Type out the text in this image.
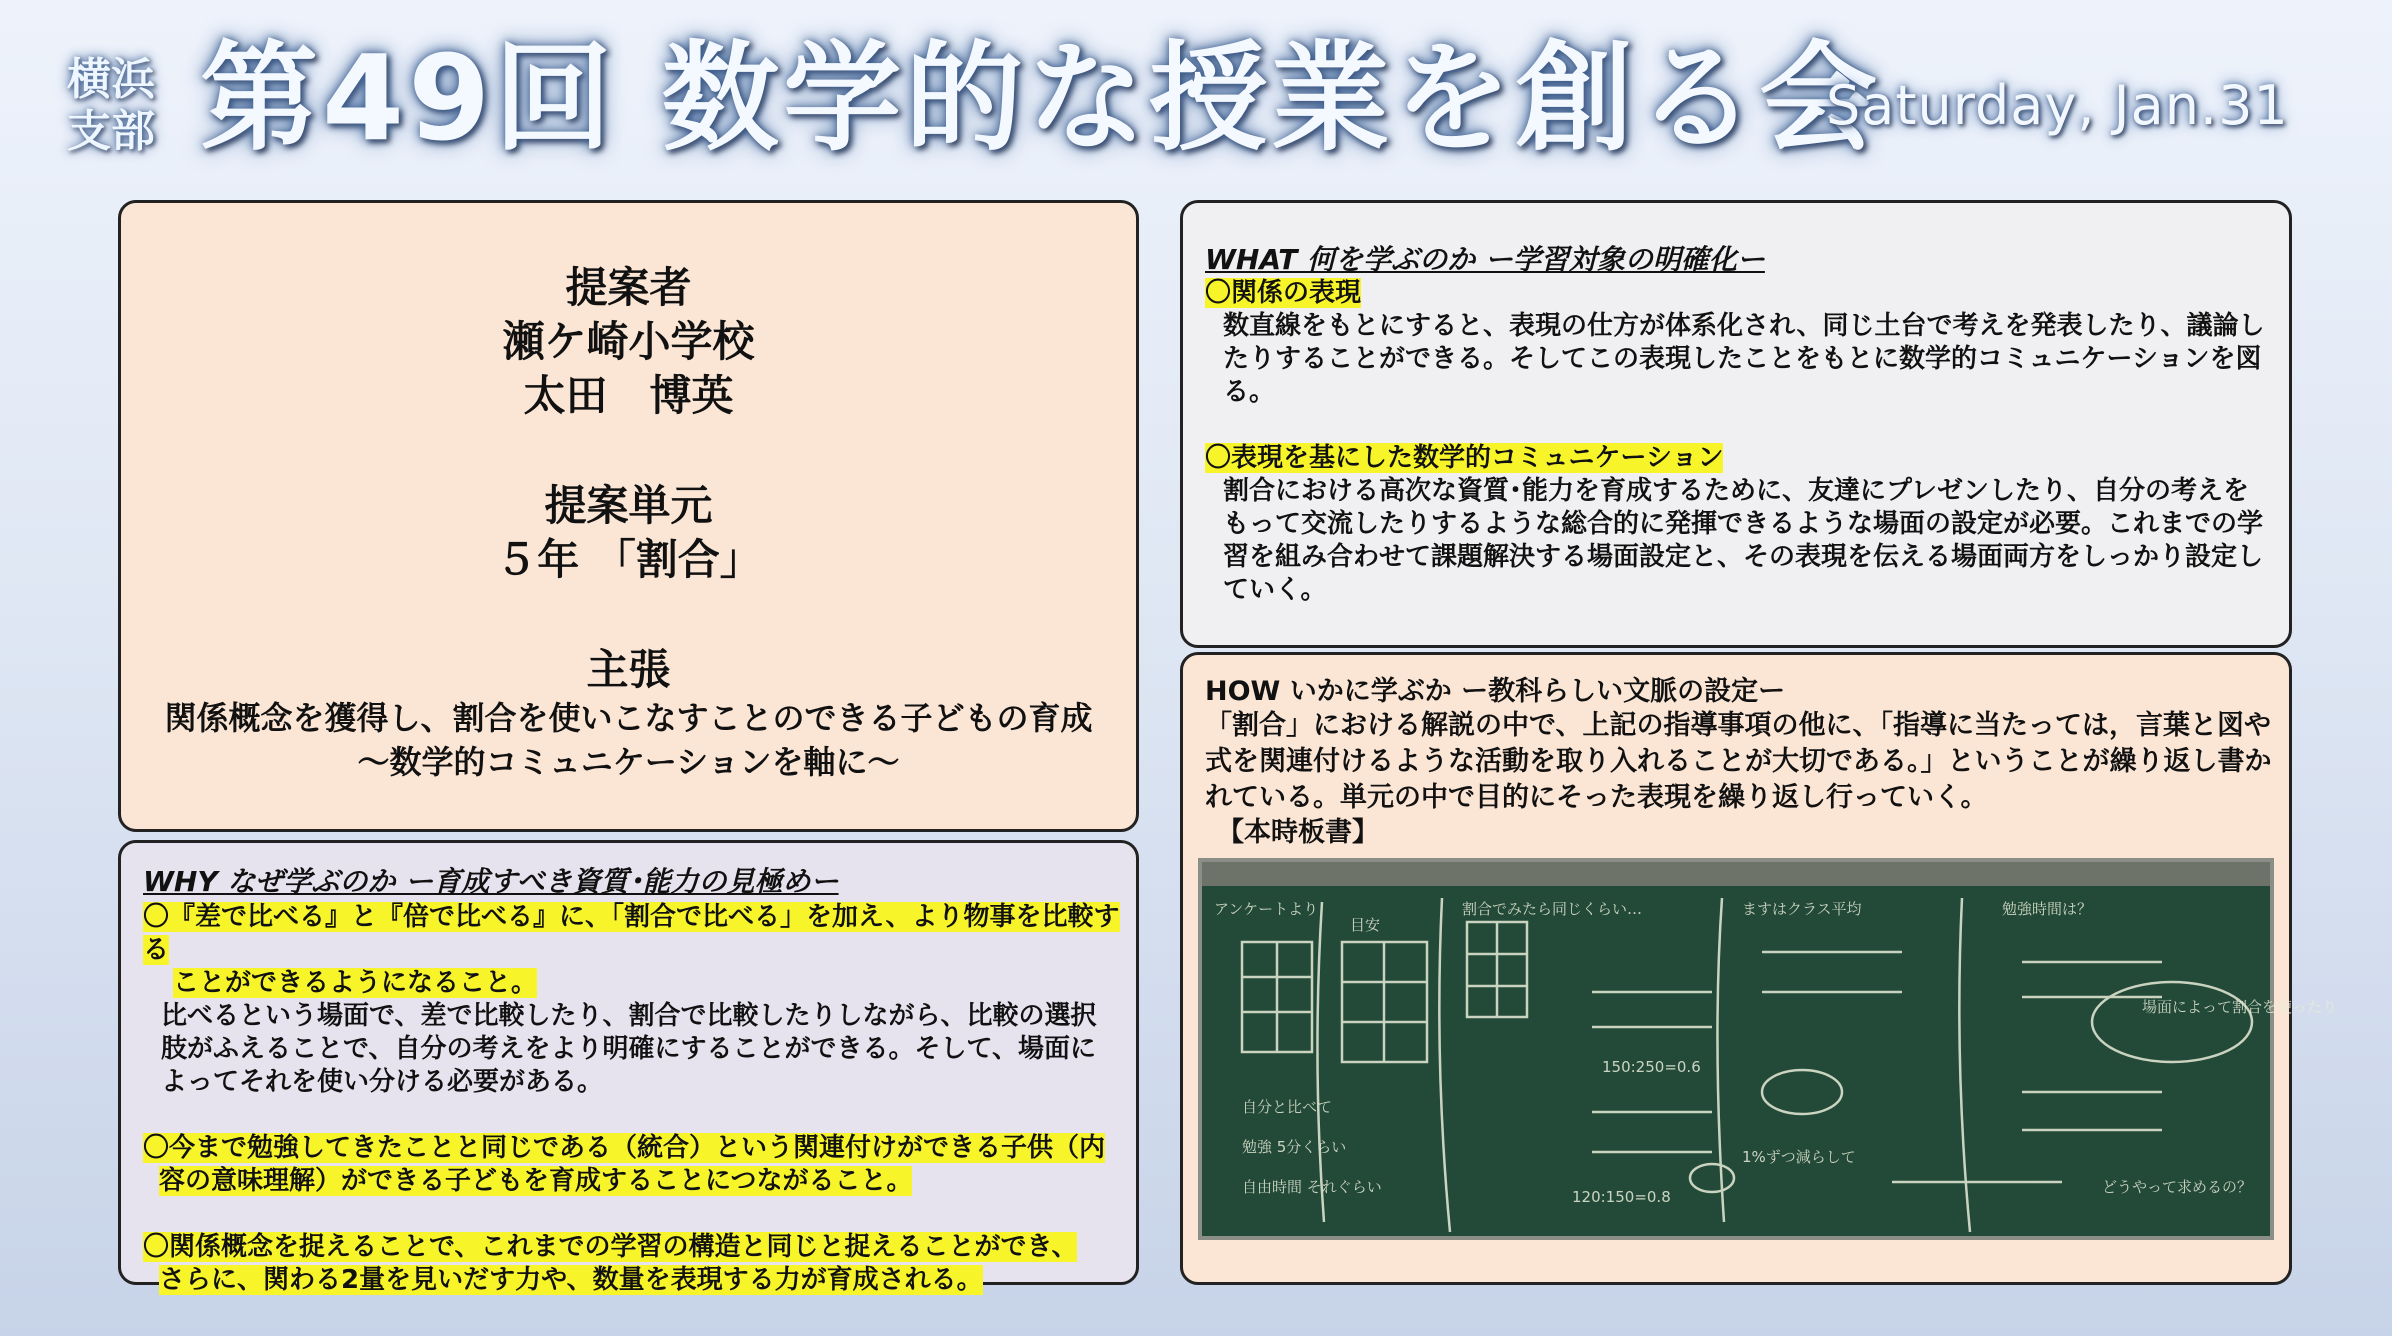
横浜
支部 第49回 数学的な授業を創る会
Saturday, Jan.31
提案者
瀬ケ崎小学校
太田　博英
提案単元
５年 「割合」
主張
関係概念を獲得し、割合を使いこなすことのできる子どもの育成
～数学的コミュニケーションを軸に～
WHY なぜ学ぶのか ー育成すべき資質･能力の見極めー
〇『差で比べる』と『倍で比べる』に、「割合で比べる」を加え、より物事を比較する
ことができるようになること。
比べるという場面で、差で比較したり、割合で比較したりしながら、比較の選択肢がふえることで、自分の考えをより明確にすることができる。そして、場面によってそれを使い分ける必要がある。
〇今まで勉強してきたことと同じである（統合）という関連付けができる子供（内
容の意味理解）ができる子どもを育成することにつながること。
〇関係概念を捉えることで、これまでの学習の構造と同じと捉えることができ、
さらに、関わる2量を見いだす力や、数量を表現する力が育成される。
WHAT 何を学ぶのか ー学習対象の明確化ー
〇関係の表現
数直線をもとにすると、表現の仕方が体系化され、同じ土台で考えを発表したり、議論したりすることができる。そしてこの表現したことをもとに数学的コミュニケーションを図る。
〇表現を基にした数学的コミュニケーション
割合における高次な資質･能力を育成するために、友達にプレゼンしたり、自分の考えをもって交流したりするような総合的に発揮できるような場面の設定が必要。これまでの学習を組み合わせて課題解決する場面設定と、その表現を伝える場面両方をしっかり設定していく。
HOW いかに学ぶか ー教科らしい文脈の設定ー
「割合」における解説の中で、上記の指導事項の他に、「指導に当たっては，言葉と図や式を関連付けるような活動を取り入れることが大切である。」ということが繰り返し書かれている。単元の中で目的にそった表現を繰り返し行っていく。
【本時板書】
アンケートより
目安
割合でみたら同じくらい…	ますはクラス平均	勉強時間は？
自分と比べて
勉強 5分くらい
自由時間 それぐらい
150:250=0.6
1%ずつ減らして
どうやって求めるの？
場面によって割合を使ったり
120:150=0.8
